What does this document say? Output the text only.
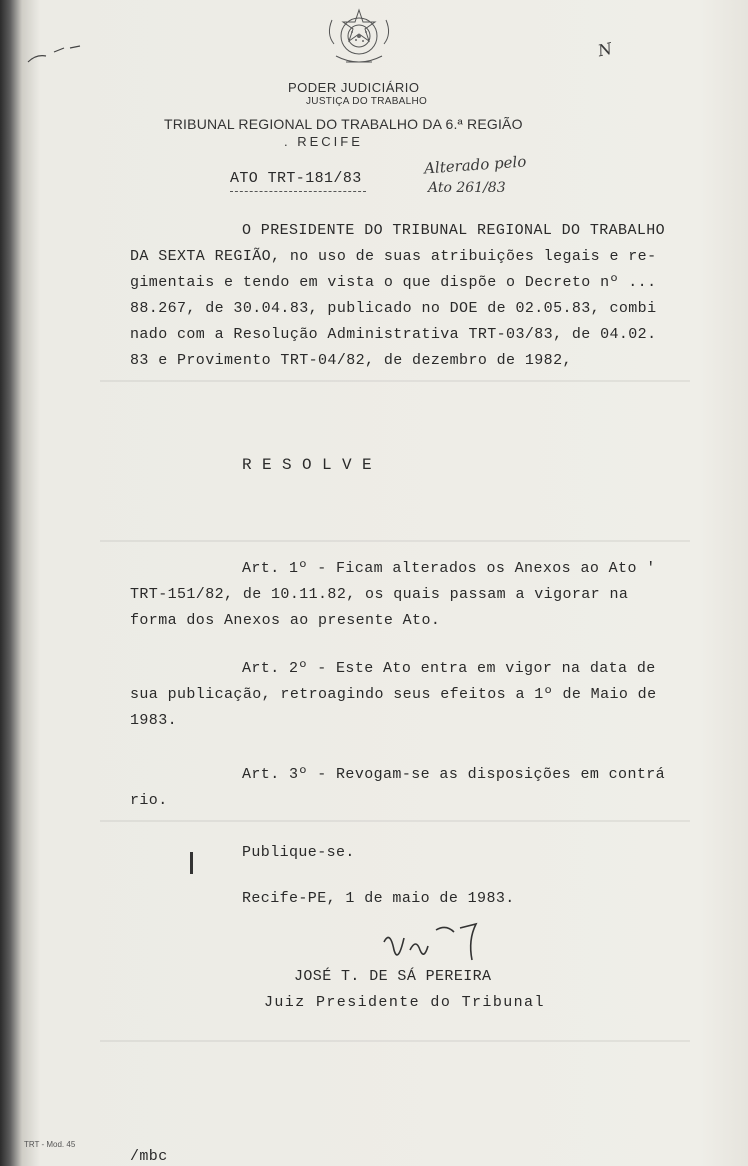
PODER JUDICIÁRIO
JUSTIÇA DO TRABALHO
TRIBUNAL REGIONAL DO TRABALHO DA 6.ª REGIÃO
. RECIFE
N
ATO TRT-181/83
Alterado pelo
Ato 261/83
O PRESIDENTE DO TRIBUNAL REGIONAL DO TRABALHO
DA SEXTA REGIÃO, no uso de suas atribuições legais e re-
gimentais e tendo em vista o que dispõe o Decreto nº ...
88.267, de 30.04.83, publicado no DOE de 02.05.83, combi
nado com a Resolução Administrativa TRT-03/83, de 04.02.
83 e Provimento TRT-04/82, de dezembro de 1982,
R E S O L V E
Art. 1º - Ficam alterados os Anexos ao Ato '
TRT-151/82, de 10.11.82, os quais passam a vigorar na
forma dos Anexos ao presente Ato.
Art. 2º - Este Ato entra em vigor na data de
sua publicação, retroagindo seus efeitos a 1º de Maio de
1983.
Art. 3º - Revogam-se as disposições em contrá
rio.
Publique-se.
Recife-PE, 1 de maio de 1983.
JOSÉ T. DE SÁ PEREIRA
Juiz Presidente do Tribunal
TRT - Mod. 45
/mbc
